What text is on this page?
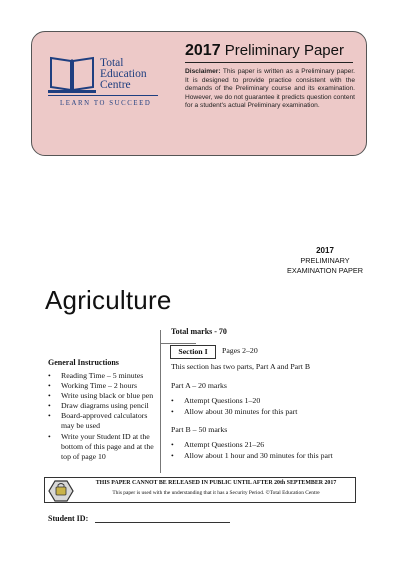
Total
Education
Centre
LEARN TO SUCCEED
2017 Preliminary Paper
Disclaimer: This paper is written as a Preliminary paper. It is designed to provide practice consistent with the demands of the Preliminary course and its examination. However, we do not guarantee it predicts question content for a student's actual Preliminary examination.
2017
PRELIMINARY
EXAMINATION PAPER
Agriculture
Total marks - 70
General Instructions
• Reading Time – 5 minutes
• Working Time – 2 hours
• Write using black or blue pen
• Draw diagrams using pencil
• Board-approved calculators may be used
• Write your Student ID at the bottom of this page and at the top of page 10
Section I	Pages 2–20
This section has two parts, Part A and Part B
Part A – 20 marks
• Attempt Questions 1–20
• Allow about 30 minutes for this part
Part B – 50 marks
• Attempt Questions 21–26
• Allow about 1 hour and 30 minutes for this part
THIS PAPER CANNOT BE RELEASED IN PUBLIC UNTIL AFTER 20th SEPTEMBER 2017
This paper is used with the understanding that it has a Security Period. ©Total Education Centre
Student ID:
